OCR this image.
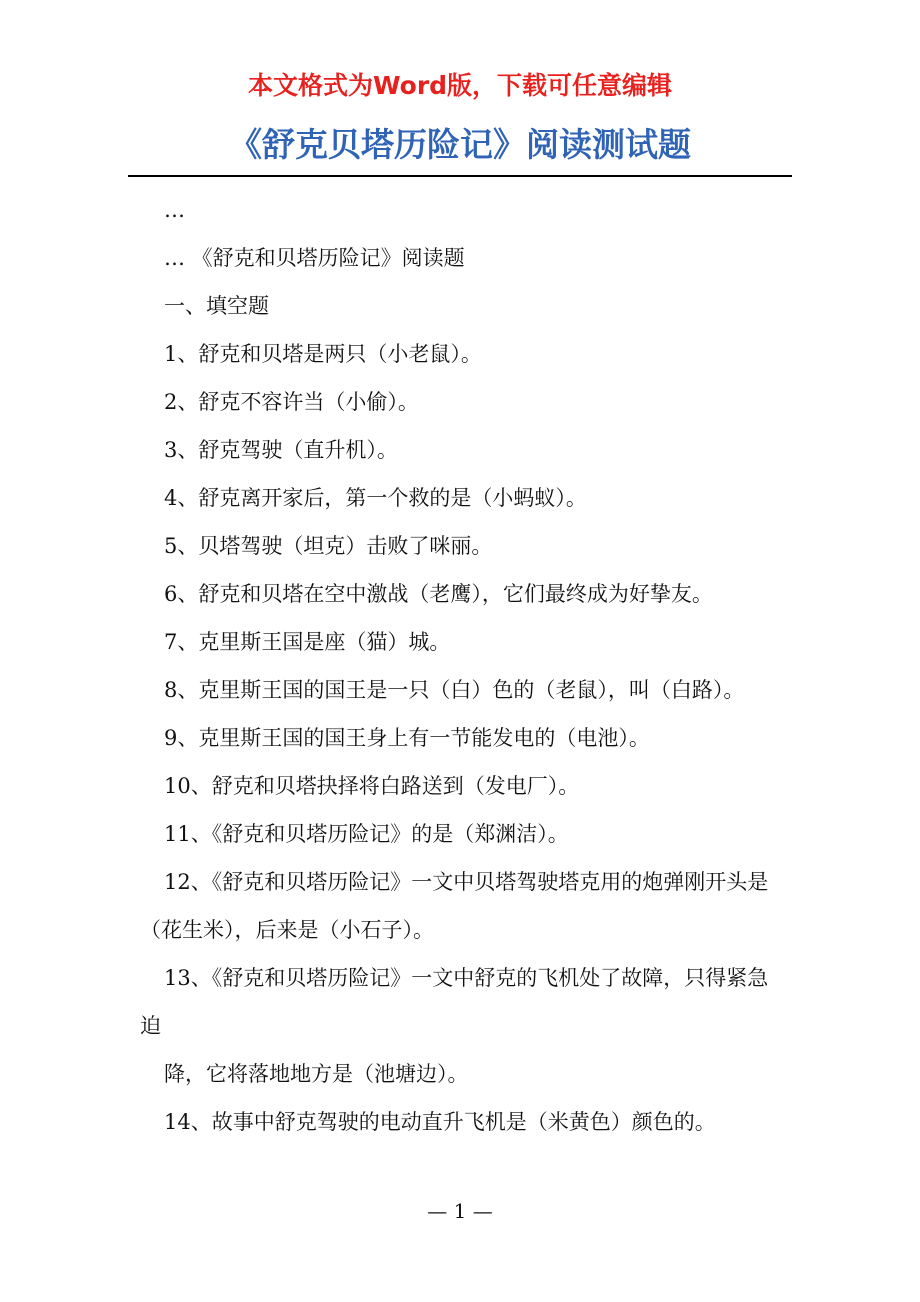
本文格式为Word版，下载可任意编辑
《舒克贝塔历险记》阅读测试题

…

… 《舒克和贝塔历险记》阅读题

一、填空题

1、舒克和贝塔是两只（小老鼠）。

2、舒克不容许当（小偷）。

3、舒克驾驶（直升机）。

4、舒克离开家后，第一个救的是（小蚂蚁）。

5、贝塔驾驶（坦克）击败了咪丽。

6、舒克和贝塔在空中激战（老鹰），它们最终成为好挚友。

7、克里斯王国是座（猫）城。

8、克里斯王国的国王是一只（白）色的（老鼠），叫（白路）。

9、克里斯王国的国王身上有一节能发电的（电池）。

10、舒克和贝塔抉择将白路送到（发电厂）。

11、《舒克和贝塔历险记》的是（郑渊洁）。

12、《舒克和贝塔历险记》一文中贝塔驾驶塔克用的炮弹刚开头是（花生米），后来是（小石子）。

13、《舒克和贝塔历险记》一文中舒克的飞机处了故障，只得紧急迫

降，它将落地地方是（池塘边）。

14、故事中舒克驾驶的电动直升飞机是（米黄色）颜色的。

— 1 —
